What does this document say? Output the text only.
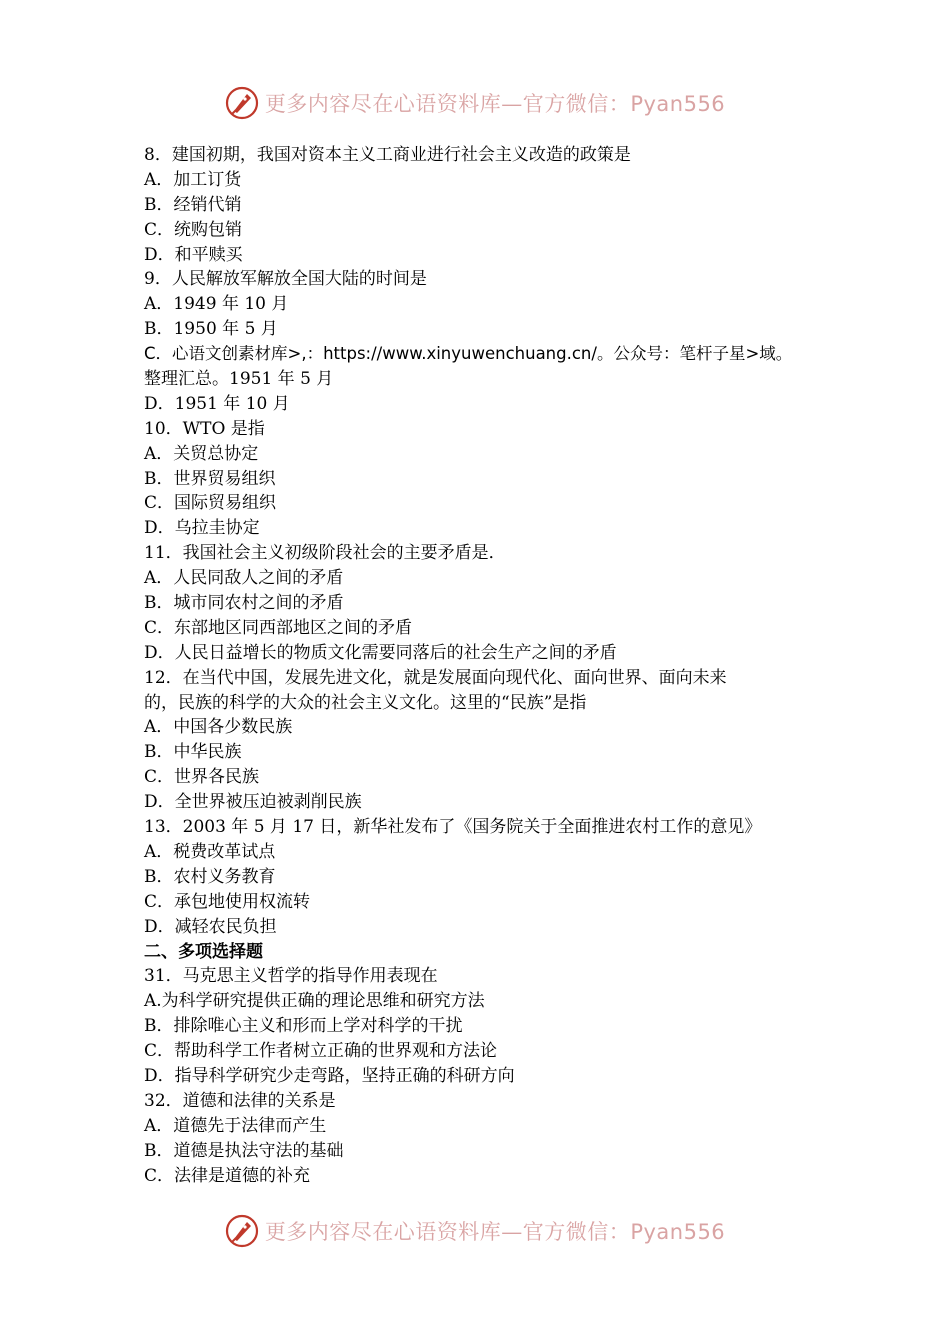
更多内容尽在心语资料库—官方微信：Pyan556
8．建国初期，我国对资本主义工商业进行社会主义改造的政策是
A．加工订货
B．经销代销
C．统购包销
D．和平赎买
9．人民解放军解放全国大陆的时间是
A．1949 年 10 月
B．1950 年 5 月
C．心语文创素材库>,：https://www.xinyuwenchuang.cn/。公众号：笔杆子星>域。
整理汇总。1951 年 5 月
D．1951 年 10 月
10．WTO 是指
A．关贸总协定
B．世界贸易组织
C．国际贸易组织
D．乌拉圭协定
11．我国社会主义初级阶段社会的主要矛盾是．
A．人民同敌人之间的矛盾
B．城市同农村之间的矛盾
C．东部地区同西部地区之间的矛盾
D．人民日益增长的物质文化需要同落后的社会生产之间的矛盾
12．在当代中国，发展先进文化，就是发展面向现代化、面向世界、面向未来
的，民族的科学的大众的社会主义文化。这里的“民族”是指
A．中国各少数民族
B．中华民族
C．世界各民族
D．全世界被压迫被剥削民族
13．2003 年 5 月 17 日，新华社发布了《国务院关于全面推进农村工作的意见》
A．税费改革试点
B．农村义务教育
C．承包地使用权流转
D．减轻农民负担
二、多项选择题
31．马克思主义哲学的指导作用表现在
A.为科学研究提供正确的理论思维和研究方法
B．排除唯心主义和形而上学对科学的干扰
C．帮助科学工作者树立正确的世界观和方法论
D．指导科学研究少走弯路，坚持正确的科研方向
32．道德和法律的关系是
A．道德先于法律而产生
B．道德是执法守法的基础
C．法律是道德的补充
更多内容尽在心语资料库—官方微信：Pyan556
